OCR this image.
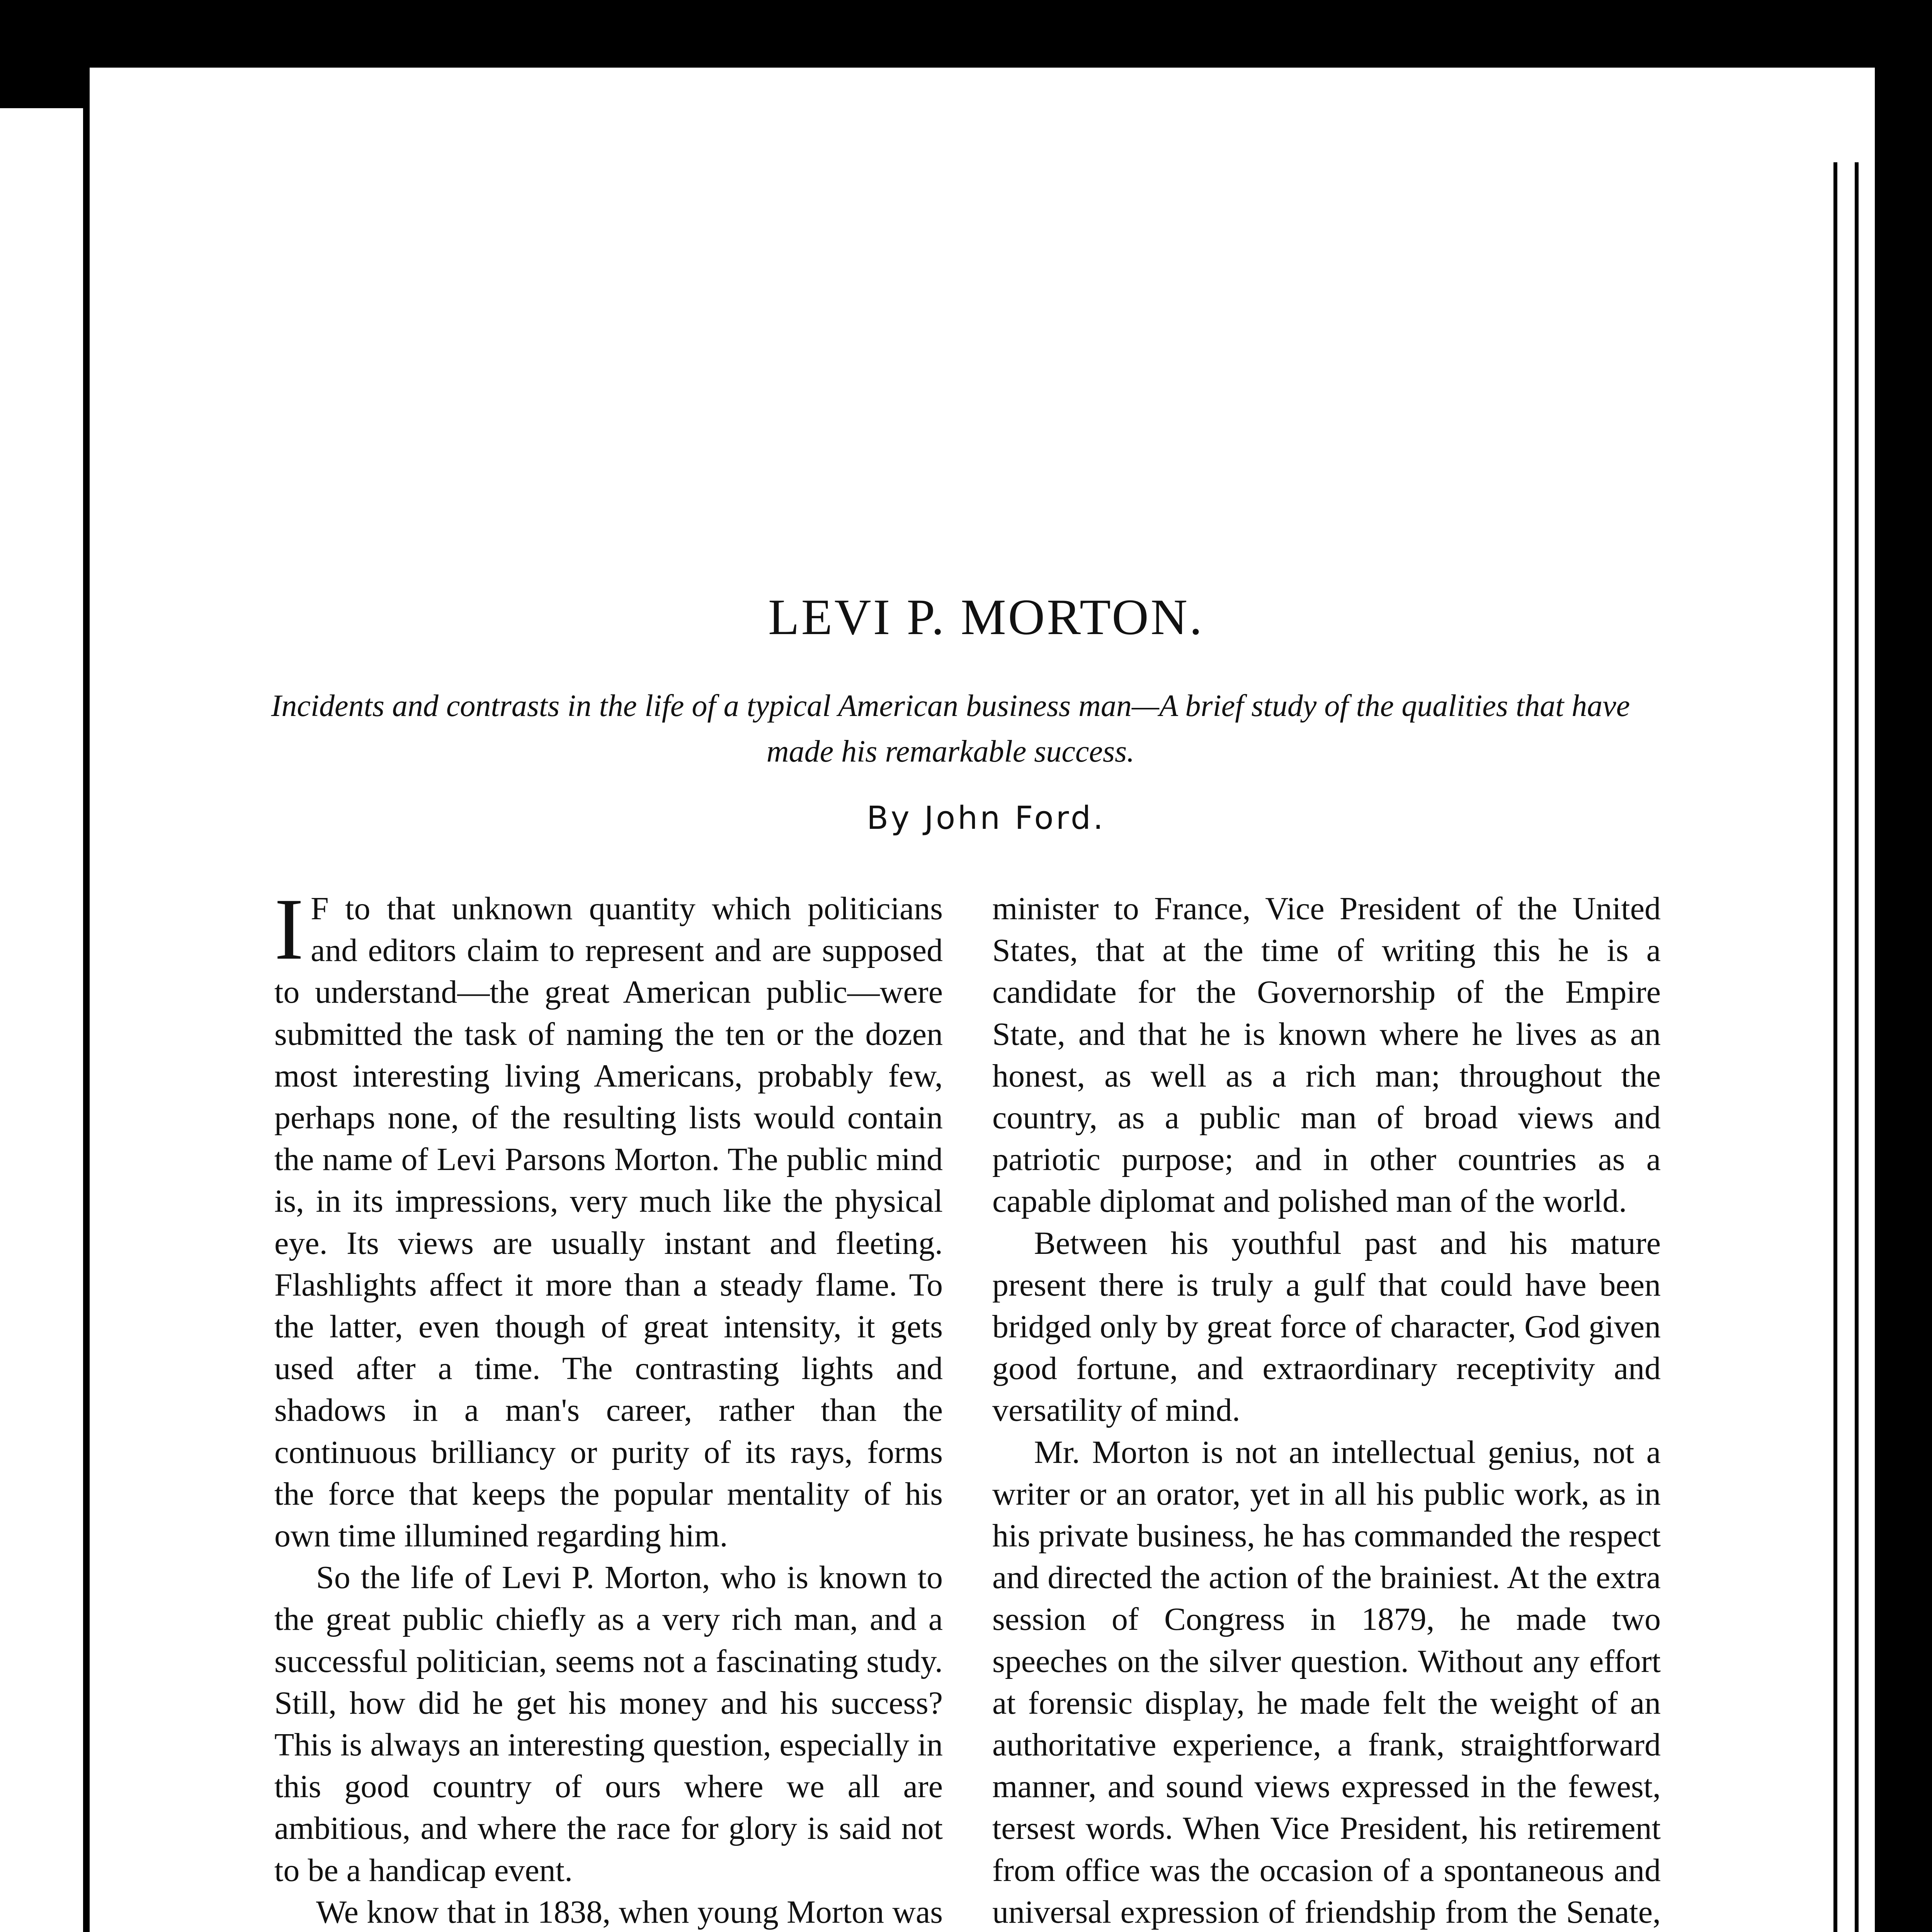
LEVI P. MORTON.

Incidents and contrasts in the life of a typical American business man—A brief study of the qualities that have made his remarkable success.

By John Ford.

I F to that unknown quantity which politicians and editors claim to represent and are supposed to understand—the great American public—were submitted the task of naming the ten or the dozen most interesting living Americans, probably few, perhaps none, of the resulting lists would contain the name of Levi Parsons Morton. The public mind is, in its impressions, very much like the physical eye. Its views are usually instant and fleeting. Flashlights affect it more than a steady flame. To the latter, even though of great intensity, it gets used after a time. The contrasting lights and shadows in a man's career, rather than the continuous brilliancy or purity of its rays, forms the force that keeps the popular mentality of his own time illumined regarding him.

So the life of Levi P. Morton, who is known to the great public chiefly as a very rich man, and a successful politician, seems not a fascinating study. Still, how did he get his money and his success? This is always an interesting question, especially in this good country of ours where we all are ambitious, and where the race for glory is said not to be a handicap event.

We know that in 1838, when young Morton was

minister to France, Vice President of the United States, that at the time of writing this he is a candidate for the Governorship of the Empire State, and that he is known where he lives as an honest, as well as a rich man; throughout the country, as a public man of broad views and patriotic purpose; and in other countries as a capable diplomat and polished man of the world.

Between his youthful past and his mature present there is truly a gulf that could have been bridged only by great force of character, God given good fortune, and extraordinary receptivity and versatility of mind.

Mr. Morton is not an intellectual genius, not a writer or an orator, yet in all his public work, as in his private business, he has commanded the respect and directed the action of the brainiest. At the extra session of Congress in 1879, he made two speeches on the silver question. Without any effort at forensic display, he made felt the weight of an authoritative experience, a frank, straightforward manner, and sound views expressed in the fewest, tersest words. When Vice President, his retirement from office was the occasion of a spontaneous and universal expression of friendship from the Senate,
